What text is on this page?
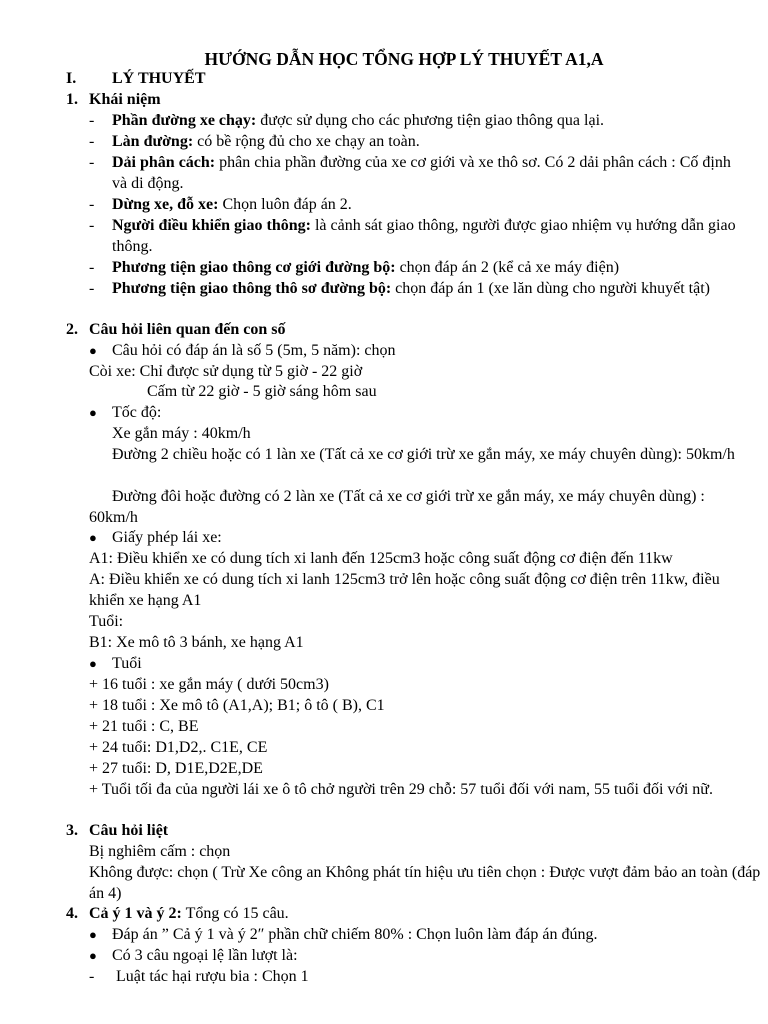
HƯỚNG DẪN HỌC TỔNG HỢP LÝ THUYẾT A1,A
I. LÝ THUYẾT
1. Khái niệm
- Phần đường xe chạy: được sử dụng cho các phương tiện giao thông qua lại.
- Làn đường: có bề rộng đủ cho xe chạy an toàn.
- Dải phân cách: phân chia phần đường của xe cơ giới và xe thô sơ. Có 2 dải phân cách : Cố định và di động.
- Dừng xe, đỗ xe: Chọn luôn đáp án 2.
- Người điều khiển giao thông: là cảnh sát giao thông, người được giao nhiệm vụ hướng dẫn giao thông.
- Phương tiện giao thông cơ giới đường bộ: chọn đáp án 2 (kể cả xe máy điện)
- Phương tiện giao thông thô sơ đường bộ: chọn đáp án 1 (xe lăn dùng cho người khuyết tật)
2. Câu hỏi liên quan đến con số
● Câu hỏi có đáp án là số 5 (5m, 5 năm): chọn
Còi xe: Chỉ được sử dụng từ 5 giờ - 22 giờ
Cấm từ 22 giờ - 5 giờ sáng hôm sau
● Tốc độ:
Xe gắn máy : 40km/h
Đường 2 chiều hoặc có 1 làn xe (Tất cả xe cơ giới trừ xe gắn máy, xe máy chuyên dùng): 50km/h
Đường đôi hoặc đường có 2 làn xe (Tất cả xe cơ giới trừ xe gắn máy, xe máy chuyên dùng) :
60km/h
● Giấy phép lái xe:
A1: Điều khiển xe có dung tích xi lanh đến 125cm3 hoặc công suất động cơ điện đến 11kw
A: Điều khiển xe có dung tích xi lanh 125cm3 trở lên hoặc công suất động cơ điện trên 11kw, điều khiển xe hạng A1
Tuổi:
B1: Xe mô tô 3 bánh, xe hạng A1
● Tuổi
+ 16 tuổi : xe gắn máy ( dưới 50cm3)
+ 18 tuổi : Xe mô tô (A1,A); B1; ô tô ( B), C1
+ 21 tuổi : C, BE
+ 24 tuổi: D1,D2,. C1E, CE
+ 27 tuổi: D, D1E,D2E,DE
+ Tuổi tối đa của người lái xe ô tô chở người trên 29 chỗ: 57 tuổi đối với nam, 55 tuổi đối với nữ.
3. Câu hỏi liệt
Bị nghiêm cấm : chọn
Không được: chọn ( Trừ Xe công an Không phát tín hiệu ưu tiên chọn : Được vượt đảm bảo an toàn (đáp án 4)
4. Cả ý 1 và ý 2: Tổng có 15 câu.
● Đáp án ” Cả ý 1 và ý 2″ phần chữ chiếm 80% : Chọn luôn làm đáp án đúng.
● Có 3 câu ngoại lệ lần lượt là:
- Luật tác hại rượu bia : Chọn 1
